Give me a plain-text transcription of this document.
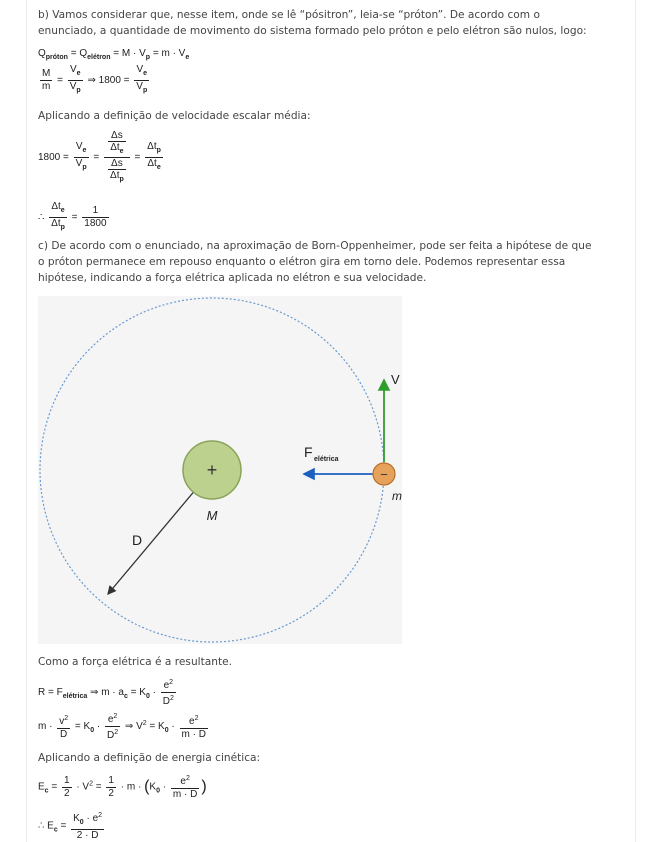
b) Vamos considerar que, nesse item, onde se lê “pósitron”, leia-se “próton”. De acordo com o enunciado, a quantidade de movimento do sistema formado pelo próton e pelo elétron são nulos, logo:
$Q_{próton} = Q_{elétron} = M \cdot V_p = m \cdot V_e$
$\frac{M}{m} = \frac{V_e}{V_p}$ ⇒ $1800 = \frac{V_e}{V_p}$
Aplicando a definição de velocidade escalar média:
$1800 = \frac{V_e}{V_p} = \frac{\frac{\Delta s}{\Delta t_e}}{\frac{\Delta s}{\Delta t_p}} = \frac{\Delta t_p}{\Delta t_e}$
∴ $\frac{\Delta t_e}{\Delta t_p} = \frac{1}{1800}$
c) De acordo com o enunciado, na aproximação de Born-Oppenheimer, pode ser feita a hipótese de que o próton permanece em repouso enquanto o elétron gira em torno dele. Podemos representar essa hipótese, indicando a força elétrica aplicada no elétron e sua velocidade.
D
+
M
F elétrica
V
−
m
Como a força elétrica é a resultante.
$R = F_{elétrica}$ ⇒ $m \cdot a_c = K_0 \cdot \frac{e^2}{D^2}$
$m \cdot \frac{v^2}{D} = K_0 \cdot \frac{e^2}{D^2}$ ⇒ $V^2 = K_0 \cdot \frac{e^2}{m \cdot D}$
Aplicando a definição de energia cinética:
$E_c = \frac{1}{2} \cdot V^2 = \frac{1}{2} \cdot m \cdot (K_0 \cdot \frac{e^2}{m \cdot D}$ )
∴ $E_c = \frac{K_0 \cdot e^2}{2 \cdot D}$
